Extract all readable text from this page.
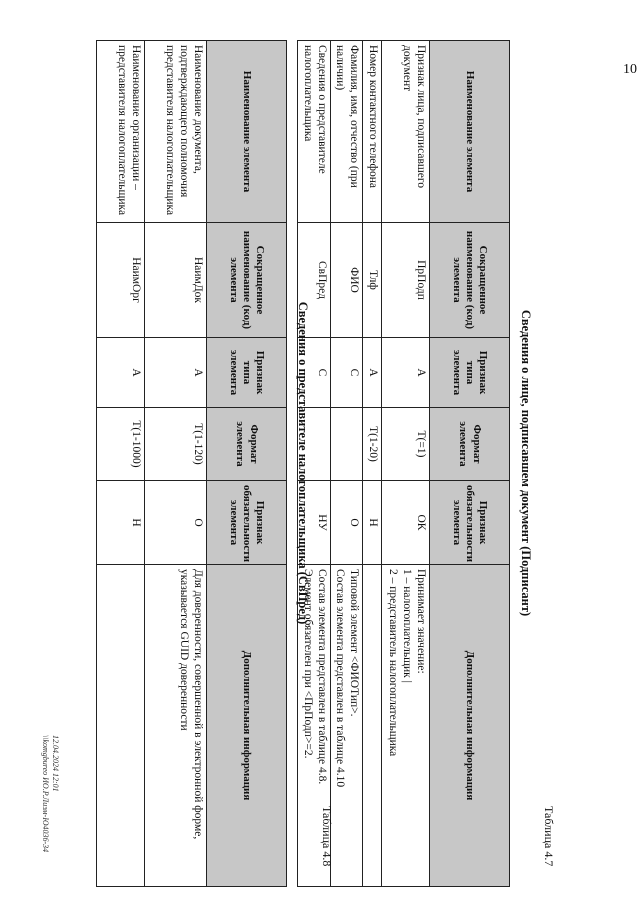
10
Таблица 4.7
Сведения о лице, подписавшем документ (Подписант)
Наименование элемента	Сокращенное наименование (код) элемента	Признак типа элемента	Формат элемента	Признак обязательности элемента	Дополнительная информация
Признак лица, подписавшего документ	ПрПодп	А	Т(=1)	ОК	Принимает значение:
1 – налогоплательщик |
2 – представитель налогоплательщика
Номер контактного телефона	Тлф	А	Т(1-20)	Н	
Фамилия, имя, отчество (при наличии)	ФИО	С		О	Типовой элемент <ФИОТип>.
Состав элемента представлен в таблице 4.10
Сведения о представителе налогоплательщика	СвПред	С		НУ	Состав элемента представлен в таблице 4.8.
Элемент обязателен при <ПрПодп>=2.
Таблица 4.8
Сведения о представителе налогоплательщика (СвПред)
Наименование элемента	Сокращенное наименование (код) элемента	Признак типа элемента	Формат элемента	Признак обязательности элемента	Дополнительная информация
Наименование документа, подтверждающего полномочия представителя налогоплательщика	НаимДок	А	Т(1-120)	О	Для доверенности, совершенной в электронной форме, указывается GUID доверенности
Наименование организации – представителя налогоплательщика	НаимОрг	А	Т(1-1000)	Н	
12.04.2024 12:01
\\komgbureo ИО.Р.Лиэм-Ю4036-34
